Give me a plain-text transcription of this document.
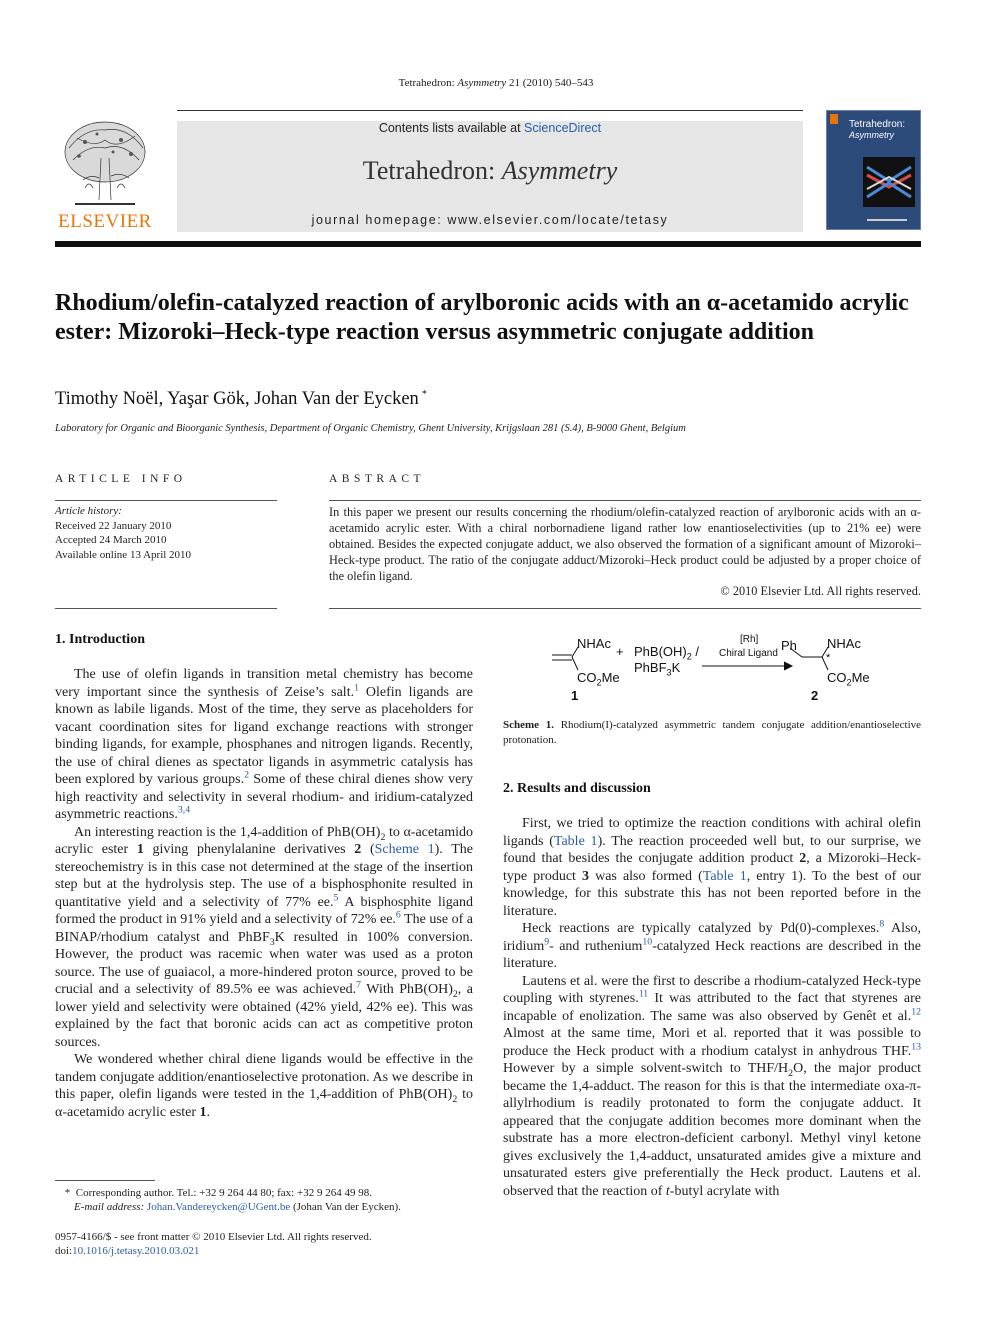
Tetrahedron: Asymmetry 21 (2010) 540–543
ELSEVIER
Contents lists available at ScienceDirect
Tetrahedron: Asymmetry
journal homepage: www.elsevier.com/locate/tetasy
Tetrahedron:
Asymmetry
Rhodium/olefin-catalyzed reaction of arylboronic acids with an α-acetamido acrylic ester: Mizoroki–Heck-type reaction versus asymmetric conjugate addition
Timothy Noël, Yaşar Gök, Johan Van der Eycken *
Laboratory for Organic and Bioorganic Synthesis, Department of Organic Chemistry, Ghent University, Krijgslaan 281 (S.4), B-9000 Ghent, Belgium
ARTICLE INFO
Article history:
Received 22 January 2010
Accepted 24 March 2010
Available online 13 April 2010
ABSTRACT
In this paper we present our results concerning the rhodium/olefin-catalyzed reaction of arylboronic acids with an α-acetamido acrylic ester. With a chiral norbornadiene ligand rather low enantioselectivities (up to 21% ee) were obtained. Besides the expected conjugate adduct, we also observed the formation of a significant amount of Mizoroki–Heck-type product. The ratio of the conjugate adduct/Mizoroki–Heck product could be adjusted by a proper choice of the olefin ligand.
© 2010 Elsevier Ltd. All rights reserved.
1. Introduction

The use of olefin ligands in transition metal chemistry has become very important since the synthesis of Zeise’s salt.$^1$ Olefin ligands are known as labile ligands. Most of the time, they serve as placeholders for vacant coordination sites for ligand exchange reactions with stronger binding ligands, for example, phosphanes and nitrogen ligands. Recently, the use of chiral dienes as spectator ligands in asymmetric catalysis has been explored by various groups.$^2$ Some of these chiral dienes show very high reactivity and selectivity in several rhodium- and iridium-catalyzed asymmetric reactions.$^{3,4}$

An interesting reaction is the 1,4-addition of $PhB(OH)_2$ to α-acetamido acrylic ester 1 giving phenylalanine derivatives 2 (Scheme 1). The stereochemistry is in this case not determined at the stage of the insertion step but at the hydrolysis step. The use of a bisphosphonite resulted in quantitative yield and a selectivity of 77% ee.$^5$ A bisphosphite ligand formed the product in 91% yield and a selectivity of 72% ee.$^6$ The use of a BINAP/rhodium catalyst and PhBF$_3$K resulted in 100% conversion. However, the product was racemic when water was used as a proton source. The use of guaiacol, a more-hindered proton source, proved to be crucial and a selectivity of 89.5% ee was achieved.$^7$ With $PhB(OH)_2$, a lower yield and selectivity were obtained (42% yield, 42% ee). This was explained by the fact that boronic acids can act as competitive proton sources.

We wondered whether chiral diene ligands would be effective in the tandem conjugate addition/enantioselective protonation. As we describe in this paper, olefin ligands were tested in the 1,4-addition of $PhB(OH)_2$ to α-acetamido acrylic ester 1.

*  Corresponding author. Tel.: +32 9 264 44 80; fax: +32 9 264 49 98.
E-mail address: Johan.Vandereycken@UGent.be (Johan Van der Eycken).
0957-4166/$ - see front matter © 2010 Elsevier Ltd. All rights reserved.
doi:10.1016/j.tetasy.2010.03.021
NHAc
$CO_2Me$
1
+ $PhB(OH)_2$ /
PhBF$_3$K
[Rh]
Chiral Ligand
Ph NHAc
*
$CO_2Me$
2
Scheme 1. Rhodium(I)-catalyzed asymmetric tandem conjugate addition/enantioselective protonation.
2. Results and discussion

First, we tried to optimize the reaction conditions with achiral olefin ligands (Table 1). The reaction proceeded well but, to our surprise, we found that besides the conjugate addition product 2, a Mizoroki–Heck-type product 3 was also formed (Table 1, entry 1). To the best of our knowledge, for this substrate this has not been reported before in the literature.

Heck reactions are typically catalyzed by Pd(0)-complexes.$^8$ Also, iridium$^9$- and ruthenium$^{10}$-catalyzed Heck reactions are described in the literature.

Lautens et al. were the first to describe a rhodium-catalyzed Heck-type coupling with styrenes.$^{11}$ It was attributed to the fact that styrenes are incapable of enolization. The same was also observed by Genêt et al.$^{12}$ Almost at the same time, Mori et al. reported that it was possible to produce the Heck product with a rhodium catalyst in anhydrous THF.$^{13}$ However by a simple solvent-switch to THF/$H_2O$, the major product became the 1,4-adduct. The reason for this is that the intermediate oxa-π-allylrhodium is readily protonated to form the conjugate adduct. It appeared that the conjugate addition becomes more dominant when the substrate has a more electron-deficient carbonyl. Methyl vinyl ketone gives exclusively the 1,4-adduct, unsaturated amides give a mixture and unsaturated esters give preferentially the Heck product. Lautens et al. observed that the reaction of t-butyl acrylate with
